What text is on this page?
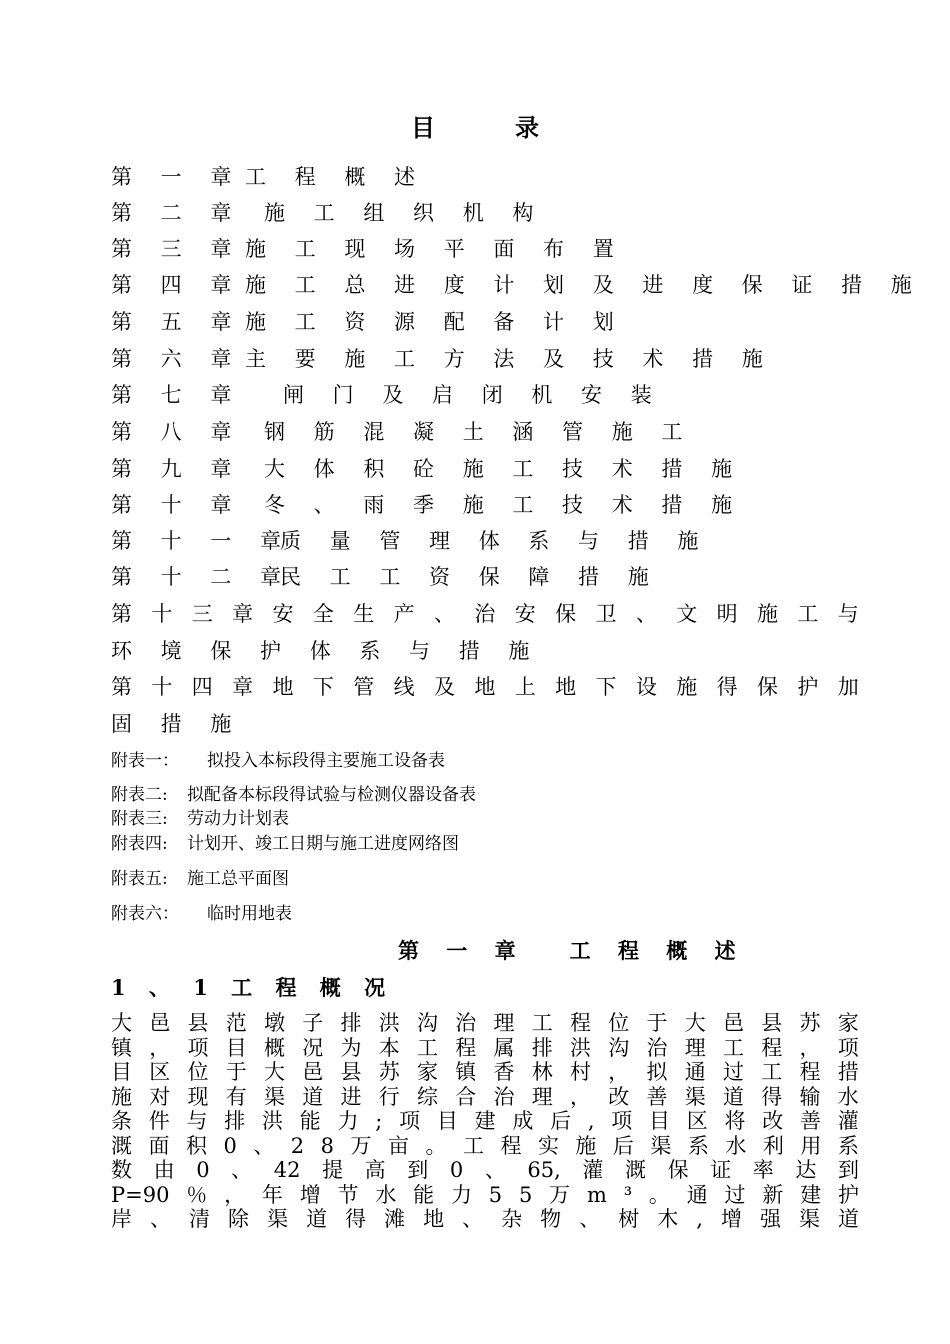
目	录
第 一 章 工 程 概 述
第 二 章 施 工 组 织 机 构
第 三 章 施 工 现 场 平 面 布 置
第 四 章 施 工 总 进 度 计 划 及 进 度 保 证 措 施
第 五 章 施 工 资 源 配 备 计 划
第 六 章 主 要 施 工 方 法 及 技 术 措 施
第 七 章 闸 门 及 启 闭 机 安 装
第 八 章 钢 筋 混 凝 土 涵 管 施 工
第 九 章 大 体 积 砼 施 工 技 术 措 施
第 十 章 冬 、 雨 季 施 工 技 术 措 施
第 十 一 章质 量 管 理 体 系 与 措 施
第 十 二 章民 工 工 资 保 障 措 施
第 十 三 章 安 全 生 产 、 治 安 保 卫 、 文 明 施 工 与
环 境 保 护 体 系 与 措 施
第 十 四 章 地 下 管 线 及 地 上 地 下 设 施 得 保 护 加
固 措 施
附表一： 拟投入本标段得主要施工设备表
附表二: 拟配备本标段得试验与检测仪器设备表
附表三: 劳动力计划表
附表四: 计划开、竣工日期与施工进度网络图
附表五: 施工总平面图
附表六： 临时用地表
第 一 章 工 程 概 述
1 、 1 工 程 概 况
大 邑 县 范 墩 子 排 洪 沟 治 理 工 程 位 于 大 邑 县 苏 家
镇 ， 项 目 概 况 为 本 工 程 属 排 洪 沟 治 理 工 程 ， 项
目 区 位 于 大 邑 县 苏 家 镇 香 林 村 ， 拟 通 过 工 程 措
施 对 现 有 渠 道 进 行 综 合 治 理 ， 改 善 渠 道 得 输 水
条 件 与 排 洪 能 力 ; 项 目 建 成 后 , 项 目 区 将 改 善 灌
溉 面 积 0 、 2 8 万 亩 。 工 程 实 施 后 渠 系 水 利 用 系
数 由 0 、 42 提 高 到 0 、 65, 灌 溉 保 证 率 达 到
P=90 ％ ， 年 增 节 水 能 力 5 5 万 m ³ 。 通 过 新 建 护
岸 、 清 除 渠 道 得 滩 地 、 杂 物 、 树 木 , 增 强 渠 道
